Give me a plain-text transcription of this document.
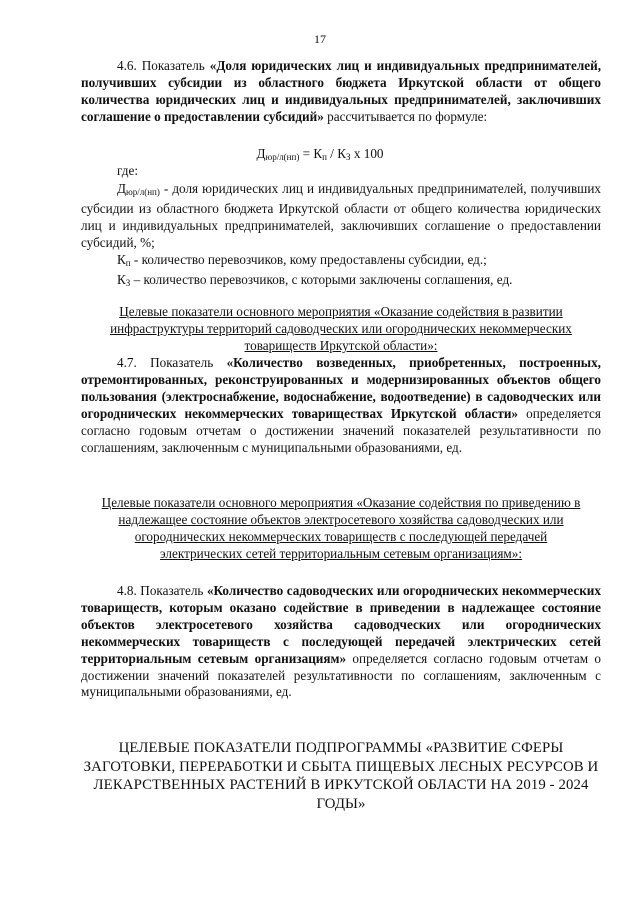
17
4.6. Показатель «Доля юридических лиц и индивидуальных предпринимателей, получивших субсидии из областного бюджета Иркутской области от общего количества юридических лиц и индивидуальных предпринимателей, заключивших соглашение о предоставлении субсидий» рассчитывается по формуле:
$Д_{юр/л(нп)} = К_п / К_З$ х 100
где:

$Д_{юр/л(нп)}$ - доля юридических лиц и индивидуальных предпринимателей, получивших субсидии из областного бюджета Иркутской области от общего количества юридических лиц и индивидуальных предпринимателей, заключивших соглашение о предоставлении субсидий, %;

$К_п$ - количество перевозчиков, кому предоставлены субсидии, ед.;

$К_З$ – количество перевозчиков, с которыми заключены соглашения, ед.

Целевые показатели основного мероприятия «Оказание содействия в развитии инфраструктуры территорий садоводческих или огороднических некоммерческих товариществ Иркутской области»:
4.7. Показатель «Количество возведенных, приобретенных, построенных, отремонтированных, реконструированных и модернизированных объектов общего пользования (электроснабжение, водоснабжение, водоотведение) в садоводческих или огороднических некоммерческих товариществах Иркутской области» определяется согласно годовым отчетам о достижении значений показателей результативности по соглашениям, заключенным с муниципальными образованиями, ед.
Целевые показатели основного мероприятия «Оказание содействия по приведению в надлежащее состояние объектов электросетевого хозяйства садоводческих или огороднических некоммерческих товариществ с последующей передачей электрических сетей территориальным сетевым организациям»:
4.8. Показатель «Количество садоводческих или огороднических некоммерческих товариществ, которым оказано содействие в приведении в надлежащее состояние объектов электросетевого хозяйства садоводческих или огороднических некоммерческих товариществ с последующей передачей электрических сетей территориальным сетевым организациям» определяется согласно годовым отчетам о достижении значений показателей результативности по соглашениям, заключенным с муниципальными образованиями, ед.
ЦЕЛЕВЫЕ ПОКАЗАТЕЛИ ПОДПРОГРАММЫ «РАЗВИТИЕ СФЕРЫ ЗАГОТОВКИ, ПЕРЕРАБОТКИ И СБЫТА ПИЩЕВЫХ ЛЕСНЫХ РЕСУРСОВ И ЛЕКАРСТВЕННЫХ РАСТЕНИЙ В ИРКУТСКОЙ ОБЛАСТИ НА 2019 - 2024 ГОДЫ»
